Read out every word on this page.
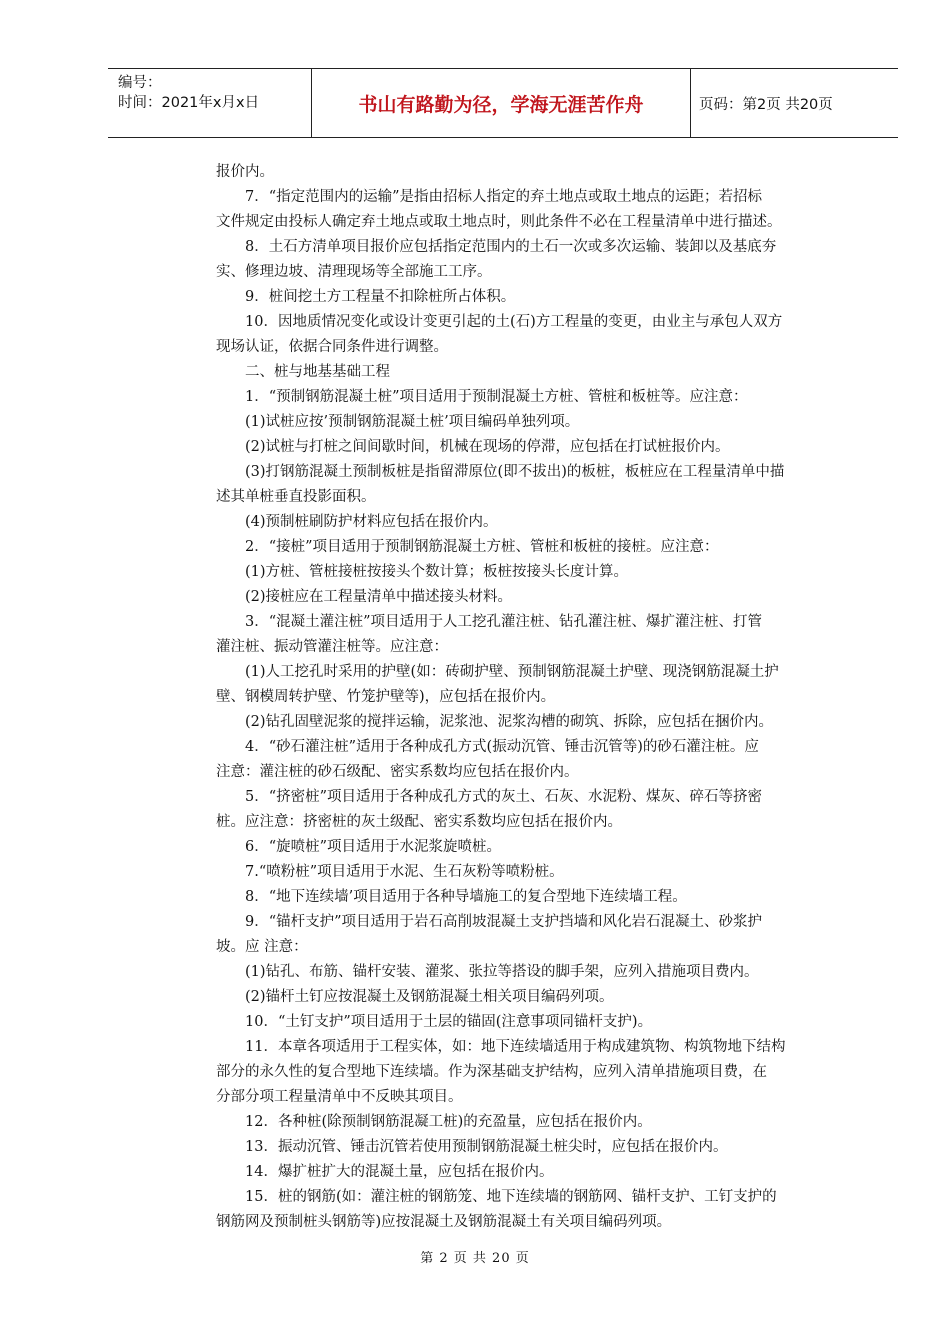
编号：
时间：2021年x月x日	书山有路勤为径，学海无涯苦作舟	页码：第2页 共20页

报价内。

7．“指定范围内的运输”是指由招标人指定的弃土地点或取土地点的运距；若招标

文件规定由投标人确定弃土地点或取土地点时，则此条件不必在工程量清单中进行描述。

8．土石方清单项目报价应包括指定范围内的土石一次或多次运输、装卸以及基底夯

实、修理边坡、清理现场等全部施工工序。

9．桩间挖土方工程量不扣除桩所占体积。

10．因地质情况变化或设计变更引起的土(石)方工程量的变更，由业主与承包人双方

现场认证，依据合同条件进行调整。

二、桩与地基基础工程

1．“预制钢筋混凝土桩”项目适用于预制混凝土方桩、管桩和板桩等。应注意：

(1)试桩应按’预制钢筋混凝土桩’项目编码单独列项。

(2)试桩与打桩之间间歇时间，机械在现场的停滞，应包括在打试桩报价内。

(3)打钢筋混凝土预制板桩是指留滞原位(即不拔出)的板桩，板桩应在工程量清单中描

述其单桩垂直投影面积。

(4)预制桩刷防护材料应包括在报价内。

2．“接桩”项目适用于预制钢筋混凝土方桩、管桩和板桩的接桩。应注意：

(1)方桩、管桩接桩按接头个数计算；板桩按接头长度计算。

(2)接桩应在工程量清单中描述接头材料。

3．“混凝土灌注桩”项目适用于人工挖孔灌注桩、钻孔灌注桩、爆扩灌注桩、打管

灌注桩、振动管灌注桩等。应注意：

(1)人工挖孔时采用的护壁(如：砖砌护壁、预制钢筋混凝土护壁、现浇钢筋混凝土护

壁、钢模周转护壁、竹笼护壁等)，应包括在报价内。

(2)钻孔固壁泥浆的搅拌运输，泥浆池、泥浆沟槽的砌筑、拆除，应包括在捆价内。

4．“砂石灌注桩”适用于各种成孔方式(振动沉管、锤击沉管等)的砂石灌注桩。应

注意：灌注桩的砂石级配、密实系数均应包括在报价内。

5．“挤密桩”项目适用于各种成孔方式的灰土、石灰、水泥粉、煤灰、碎石等挤密

桩。应注意：挤密桩的灰土级配、密实系数均应包括在报价内。

6．“旋喷桩”项目适用于水泥浆旋喷桩。

7.“喷粉桩”项目适用于水泥、生石灰粉等喷粉桩。

8．“地下连续墙’项目适用于各种导墙施工的复合型地下连续墙工程。

9．“锚杆支护”项目适用于岩石高削坡混凝土支护挡墙和风化岩石混凝土、砂浆护

坡。应 注意：

(1)钻孔、布筋、锚杆安装、灌浆、张拉等搭设的脚手架，应列入措施项目费内。

(2)锚杆土钉应按混凝土及钢筋混凝土相关项目编码列项。

10．“土钉支护”项目适用于土层的锚固(注意事项同锚杆支护)。

11．本章各项适用于工程实体，如：地下连续墙适用于构成建筑物、构筑物地下结构

部分的永久性的复合型地下连续墙。作为深基础支护结构，应列入清单措施项目费，在

分部分项工程量清单中不反映其项目。

12．各种桩(除预制钢筋混凝工桩)的充盈量，应包括在报价内。

13．振动沉管、锤击沉管若使用预制钢筋混凝土桩尖时，应包括在报价内。

14．爆扩桩扩大的混凝土量，应包括在报价内。

15．桩的钢筋(如：灌注桩的钢筋笼、地下连续墙的钢筋网、锚杆支护、工钉支护的

钢筋网及预制桩头钢筋等)应按混凝土及钢筋混凝土有关项目编码列项。

第 2 页 共 20 页
